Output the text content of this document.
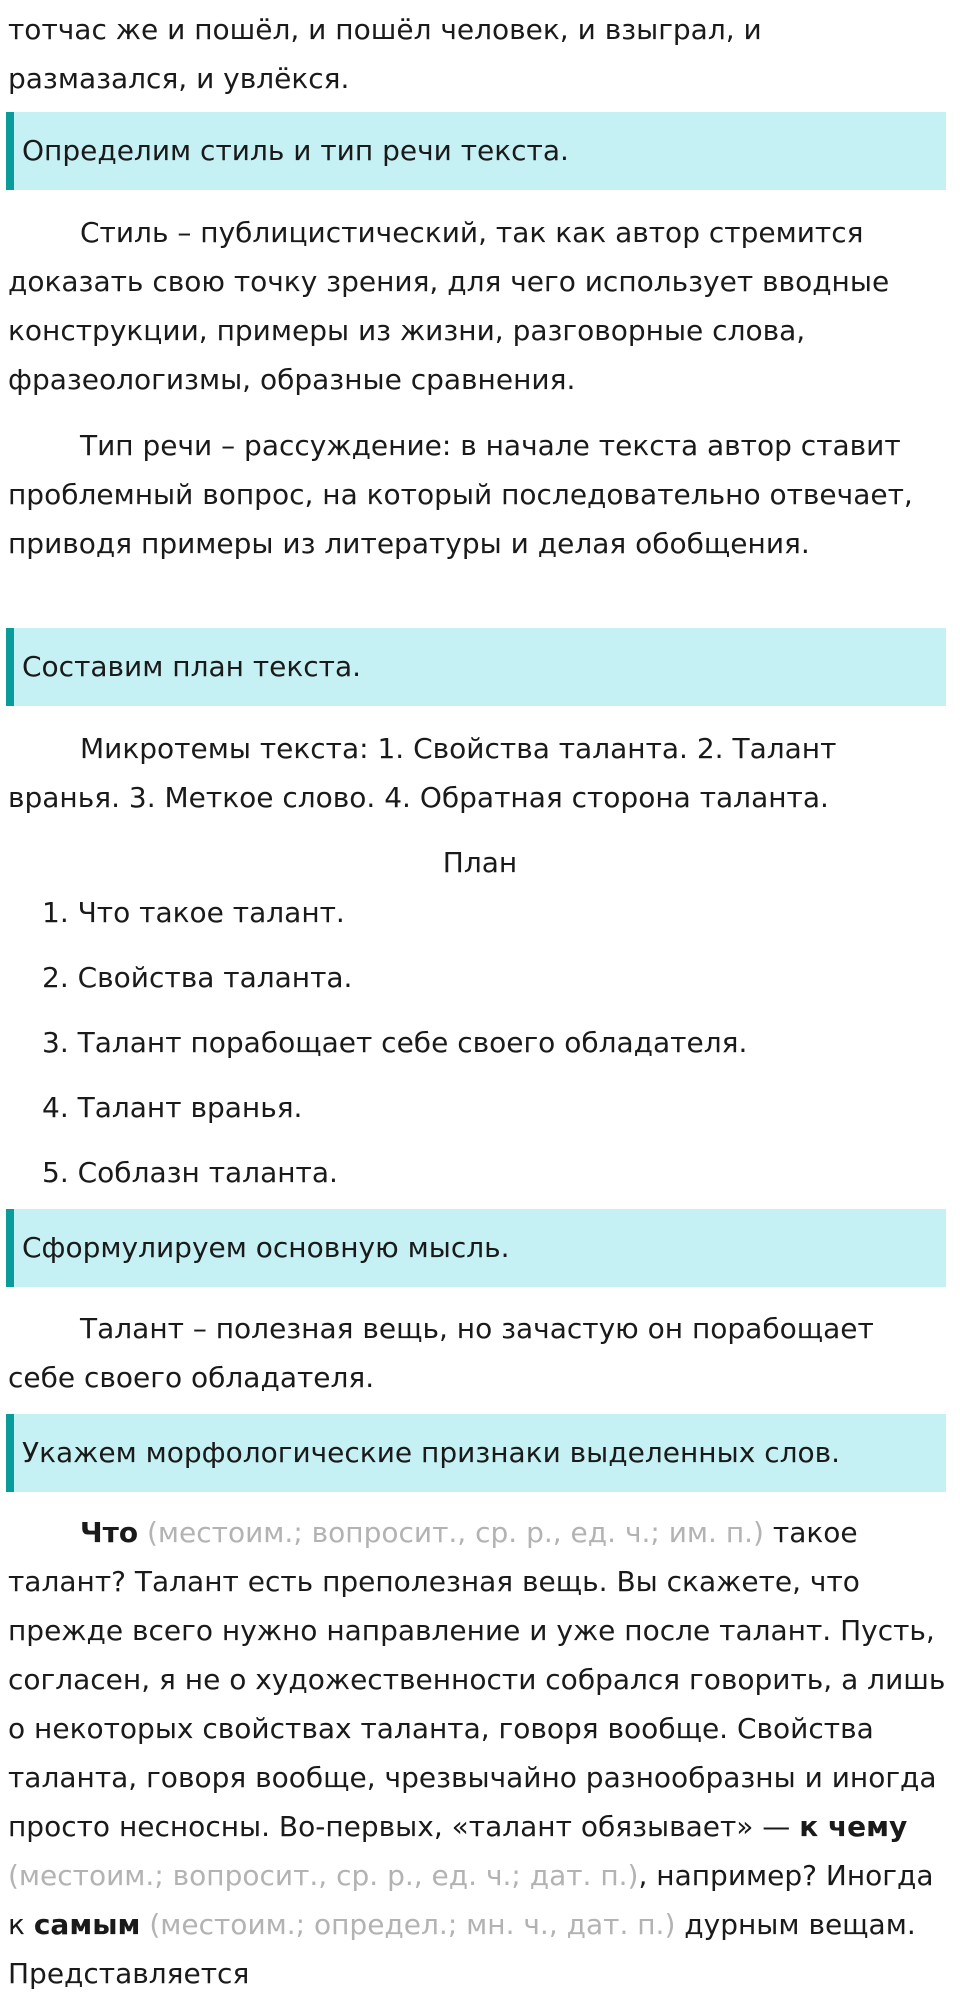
тотчас же и пошёл, и пошёл человек, и взыграл, и
размазался, и увлёкся.

Определим стиль и тип речи текста.

Стиль – публицистический, так как автор стремится доказать свою точку зрения, для чего использует вводные конструкции, примеры из жизни, разговорные слова, фразеологизмы, образные сравнения.

Тип речи – рассуждение: в начале текста автор ставит проблемный вопрос, на который последовательно отвечает, приводя примеры из литературы и делая обобщения.

Составим план текста.

Микротемы текста: 1. Свойства таланта. 2. Талант вранья. 3. Меткое слово. 4. Обратная сторона таланта.

План
1. Что такое талант.
2. Свойства таланта.
3. Талант порабощает себе своего обладателя.
4. Талант вранья.
5. Соблазн таланта.
Сформулируем основную мысль.

Талант – полезная вещь, но зачастую он порабощает себе своего обладателя.

Укажем морфологические признаки выделенных слов.

Что (местоим.; вопросит., ср. р., ед. ч.; им. п.) такое талант? Талант есть преполезная вещь. Вы скажете, что прежде всего нужно направление и уже после талант. Пусть, согласен, я не о художественности собрался говорить, а лишь о некоторых свойствах таланта, говоря вообще. Свойства таланта, говоря вообще, чрезвычайно разнообразны и иногда просто несносны. Во-первых, «талант обязывает» — к чему (местоим.; вопросит., ср. р., ед. ч.; дат. п.), например? Иногда к самым (местоим.; определ.; мн. ч., дат. п.) дурным вещам. Представляется
